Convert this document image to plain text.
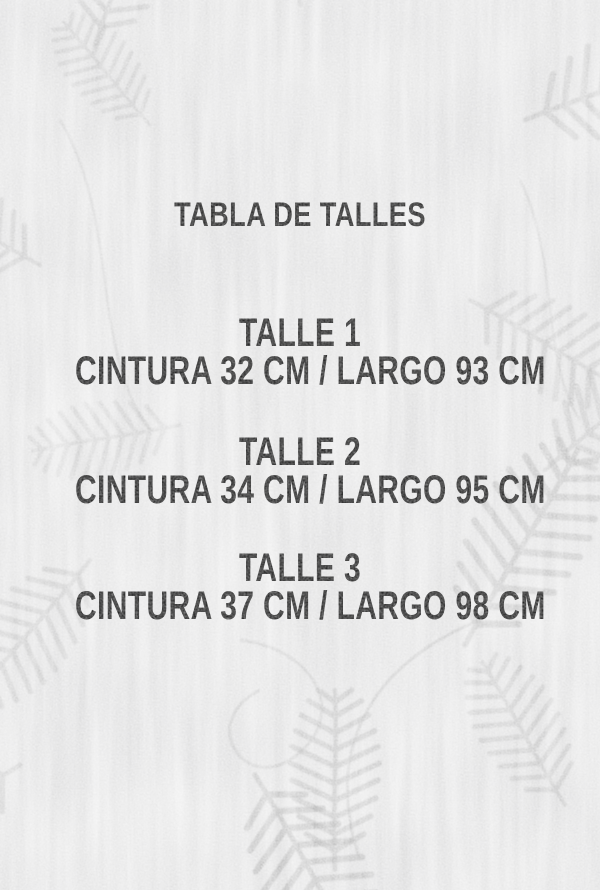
TABLA DE TALLES
TALLE 1
CINTURA 32 CM / LARGO 93 CM
TALLE 2
CINTURA 34 CM / LARGO 95 CM
TALLE 3
CINTURA 37 CM / LARGO 98 CM
